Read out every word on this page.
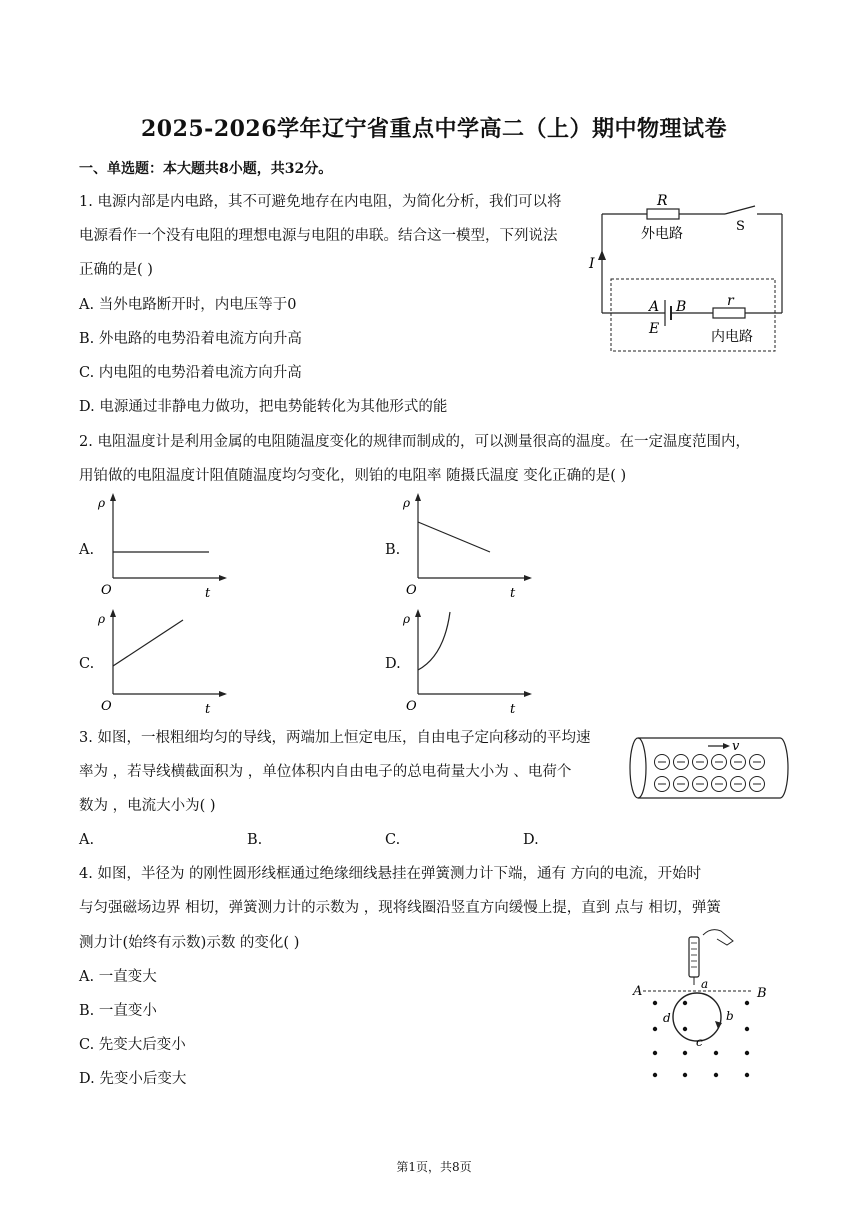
2025-2026学年辽宁省重点中学高二（上）期中物理试卷
一、单选题：本大题共8小题，共32分。
1. 电源内部是内电路，其不可避免地存在内电阻，为简化分析，我们可以将
电源看作一个没有电阻的理想电源与电阻的串联。结合这一模型，下列说法
正确的是( )
A. 当外电路断开时，内电压等于0
B. 外电路的电势沿着电流方向升高
C. 内电阻的电势沿着电流方向升高
D. 电源通过非静电力做功，把电势能转化为其他形式的能
R
外电路	S
I
A B
E
r
内电路
2. 电阻温度计是利用金属的电阻随温度变化的规律而制成的，可以测量很高的温度。在一定温度范围内，
用铂做的电阻温度计阻值随温度均匀变化，则铂的电阻率 随摄氏温度 变化正确的是( )
A.	B.
C.	D.
ρ
O	t
ρ
O	t
ρ
O	t
ρ
O	t
3. 如图，一根粗细均匀的导线，两端加上恒定电压，自由电子定向移动的平均速
率为 ，若导线横截面积为 ，单位体积内自由电子的总电荷量大小为 、电荷个
数为 ，电流大小为( )
A.	B.	C.	D.
v
4. 如图，半径为 的刚性圆形线框通过绝缘细线悬挂在弹簧测力计下端，通有 方向的电流，开始时
与匀强磁场边界 相切，弹簧测力计的示数为 ，现将线圈沿竖直方向缓慢上提，直到 点与 相切，弹簧
测力计(始终有示数)示数 的变化( )
A. 一直变大
B. 一直变小
C. 先变大后变小
D. 先变小后变大
A	B
a
b
c
d
第1页，共8页
